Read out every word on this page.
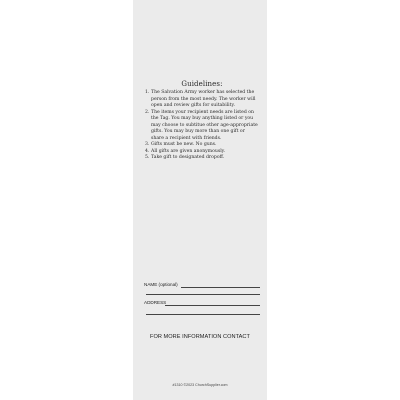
Guidelines:
1. The Salvation Army worker has selected the person from the most needy. The worker will open and review gifts for suitability.
2. The items your recipient needs are listed on the Tag. You may buy anything listed or you may choose to subtitue other age-appropriate gifts. You may buy more than one gift or share a recipient with friends.
3. Gifts must be new. No guns.
4. All gifts are given anonymously.
5. Take gift to designated dropoff.
NAME (optional)
ADDRESS
FOR MORE INFORMATION CONTACT
#1310 ©2023 ChurchSupplier.com
